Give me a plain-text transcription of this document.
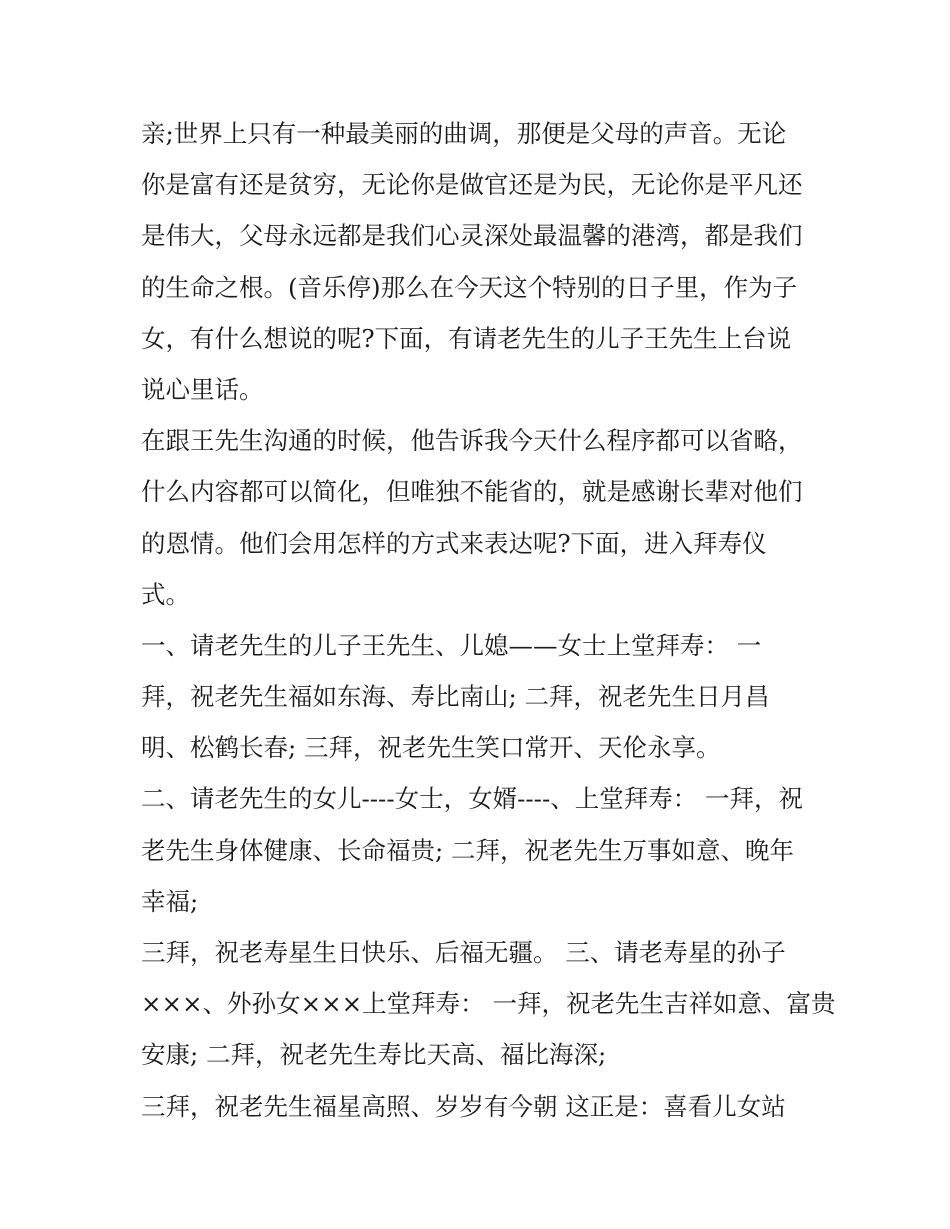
亲;世界上只有一种最美丽的曲调，那便是父母的声音。无论
你是富有还是贫穷，无论你是做官还是为民，无论你是平凡还
是伟大，父母永远都是我们心灵深处最温馨的港湾，都是我们
的生命之根。(音乐停)那么在今天这个特别的日子里，作为子
女，有什么想说的呢?下面，有请老先生的儿子王先生上台说
说心里话。
在跟王先生沟通的时候，他告诉我今天什么程序都可以省略，
什么内容都可以简化，但唯独不能省的，就是感谢长辈对他们
的恩情。他们会用怎样的方式来表达呢?下面，进入拜寿仪
式。
一、请老先生的儿子王先生、儿媳——女士上堂拜寿： 一
拜，祝老先生福如东海、寿比南山; 二拜，祝老先生日月昌
明、松鹤长春; 三拜，祝老先生笑口常开、天伦永享。
二、请老先生的女儿----女士，女婿----、上堂拜寿： 一拜，祝
老先生身体健康、长命福贵; 二拜，祝老先生万事如意、晚年
幸福;
三拜，祝老寿星生日快乐、后福无疆。 三、请老寿星的孙子
×××、外孙女×××上堂拜寿： 一拜，祝老先生吉祥如意、富贵
安康; 二拜，祝老先生寿比天高、福比海深;
三拜，祝老先生福星高照、岁岁有今朝 这正是：喜看儿女站
